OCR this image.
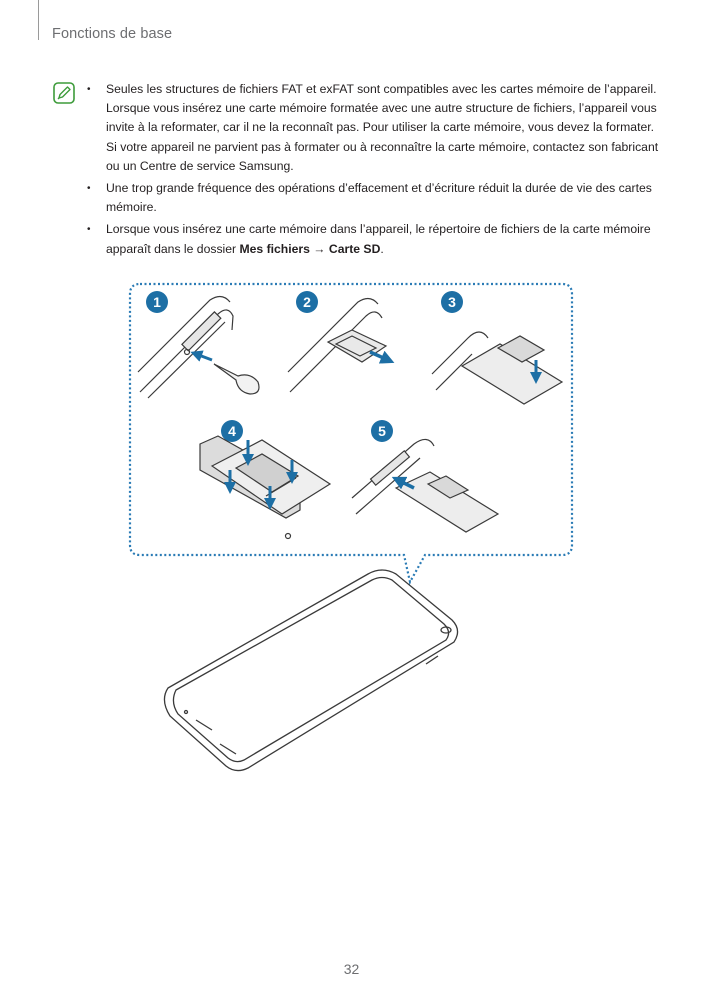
Fonctions de base
• Seules les structures de fichiers FAT et exFAT sont compatibles avec les cartes mémoire de l’appareil. Lorsque vous insérez une carte mémoire formatée avec une autre structure de fichiers, l’appareil vous invite à la reformater, car il ne la reconnaît pas. Pour utiliser la carte mémoire, vous devez la formater. Si votre appareil ne parvient pas à formater ou à reconnaître la carte mémoire, contactez son fabricant ou un Centre de service Samsung.
• Une trop grande fréquence des opérations d’effacement et d’écriture réduit la durée de vie des cartes mémoire.
• Lorsque vous insérez une carte mémoire dans l’appareil, le répertoire de fichiers de la carte mémoire apparaît dans le dossier Mes fichiers → Carte SD.
1	2	3
4	5
32
